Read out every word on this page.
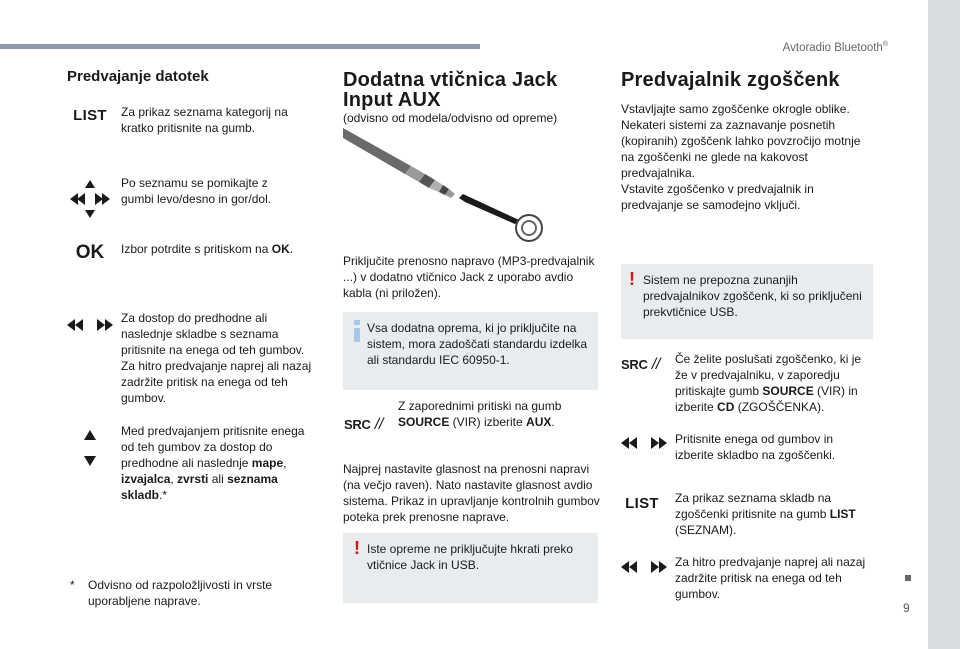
Avtoradio Bluetooth®
9
Predvajanje datotek
LIST	Za prikaz seznama kategorij na kratko pritisnite na gumb.
Po seznamu se pomikajte z gumbi levo/desno in gor/dol.
OK	Izbor potrdite s pritiskom na OK.
Za dostop do predhodne ali naslednje skladbe s seznama pritisnite na enega od teh gumbov.
Za hitro predvajanje naprej ali nazaj zadržite pritisk na enega od teh gumbov.
Med predvajanjem pritisnite enega od teh gumbov za dostop do predhodne ali naslednje mape, izvajalca, zvrsti ali seznama skladb.*
* Odvisno od razpoložljivosti in vrste uporabljene naprave.
Dodatna vtičnica Jack Input AUX
(odvisno od modela/odvisno od opreme)
Priključite prenosno napravo (MP3-predvajalnik ...) v dodatno vtičnico Jack z uporabo avdio kabla (ni priložen).
Vsa dodatna oprema, ki jo priključite na sistem, mora zadoščati standardu izdelka ali standardu IEC 60950-1.
SRC //
Z zaporednimi pritiski na gumb SOURCE (VIR) izberite AUX.
Najprej nastavite glasnost na prenosni napravi (na večjo raven). Nato nastavite glasnost avdio sistema. Prikaz in upravljanje kontrolnih gumbov poteka prek prenosne naprave.
! Iste opreme ne priključujte hkrati preko vtičnice Jack in USB.
Predvajalnik zgoščenk
Vstavljajte samo zgoščenke okrogle oblike.
Nekateri sistemi za zaznavanje posnetih (kopiranih) zgoščenk lahko povzročijo motnje na zgoščenki ne glede na kakovost predvajalnika.
Vstavite zgoščenko v predvajalnik in predvajanje se samodejno vključi.
! Sistem ne prepozna zunanjih predvajalnikov zgoščenk, ki so priključeni prekvtičnice USB.
SRC // Če želite poslušati zgoščenko, ki je že v predvajalniku, v zaporedju pritiskajte gumb SOURCE (VIR) in izberite CD (ZGOŠČENKA).
Pritisnite enega od gumbov in izberite skladbo na zgoščenki.
LIST	Za prikaz seznama skladb na zgoščenki pritisnite na gumb LIST (SEZNAM).
Za hitro predvajanje naprej ali nazaj zadržite pritisk na enega od teh gumbov.
